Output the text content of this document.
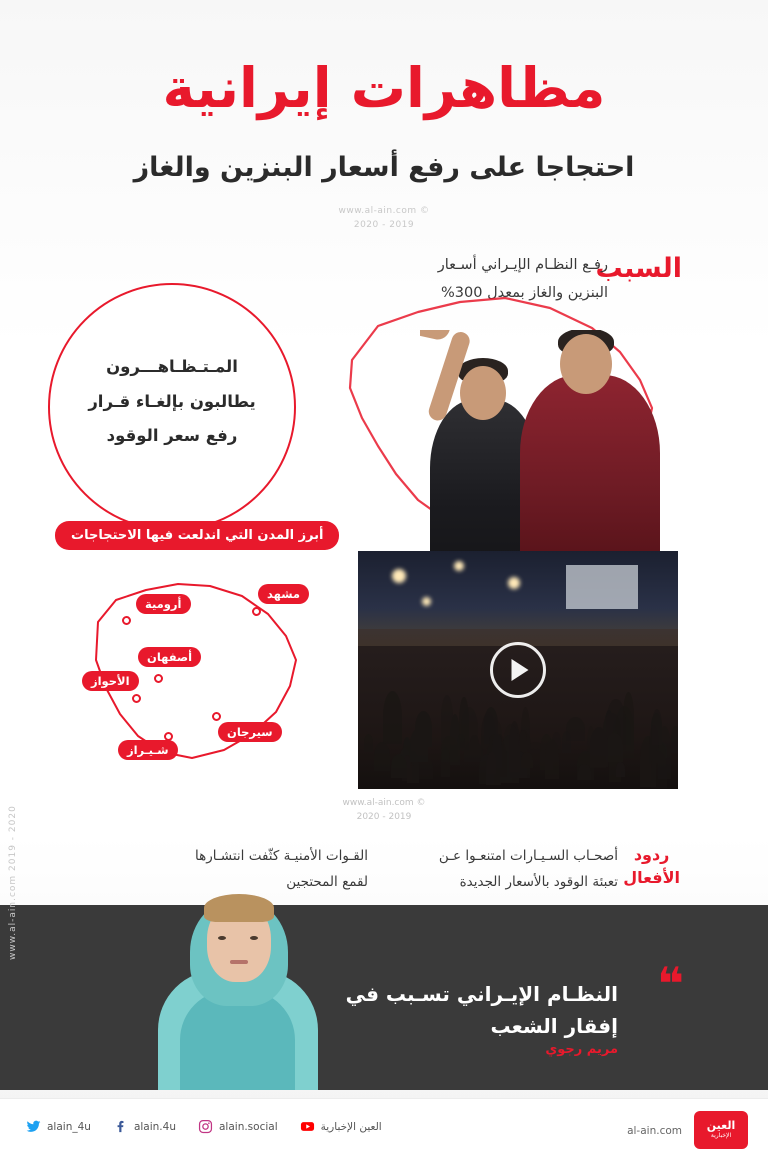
مظاهرات إيرانية
احتجاجا على رفع أسعار البنزين والغاز
© www.al-ain.com
2019 - 2020
السبب
رفـع النظـام الإيـراني أسـعار
البنزين والغاز بمعدل 300%
المـتـظـاهـــرون
يطالبون بإلغـاء قـرار
رفع سعر الوقود
أبرز المدن التي اندلعت فيها الاحتجاجات
مشهد
أرومية
أصفهان
الأحواز
سيرجان
شـيـراز
© www.al-ain.com
2019 - 2020
ردود
الأفعال
أصحـاب السـيـارات امتنعـوا عـن
تعبئة الوقود بالأسعار الجديدة
القـوات الأمنيـة كثّفت انتشـارها
لقمع المحتجين
❝
النظـام الإيـراني تسـبب في
إفقار الشعب
مريم رجوي
www.al-ain.com 2019 - 2020
alain_4u	alain.4u	alain.social	العين الإخبارية	al-ain.com العين
الإخبارية
